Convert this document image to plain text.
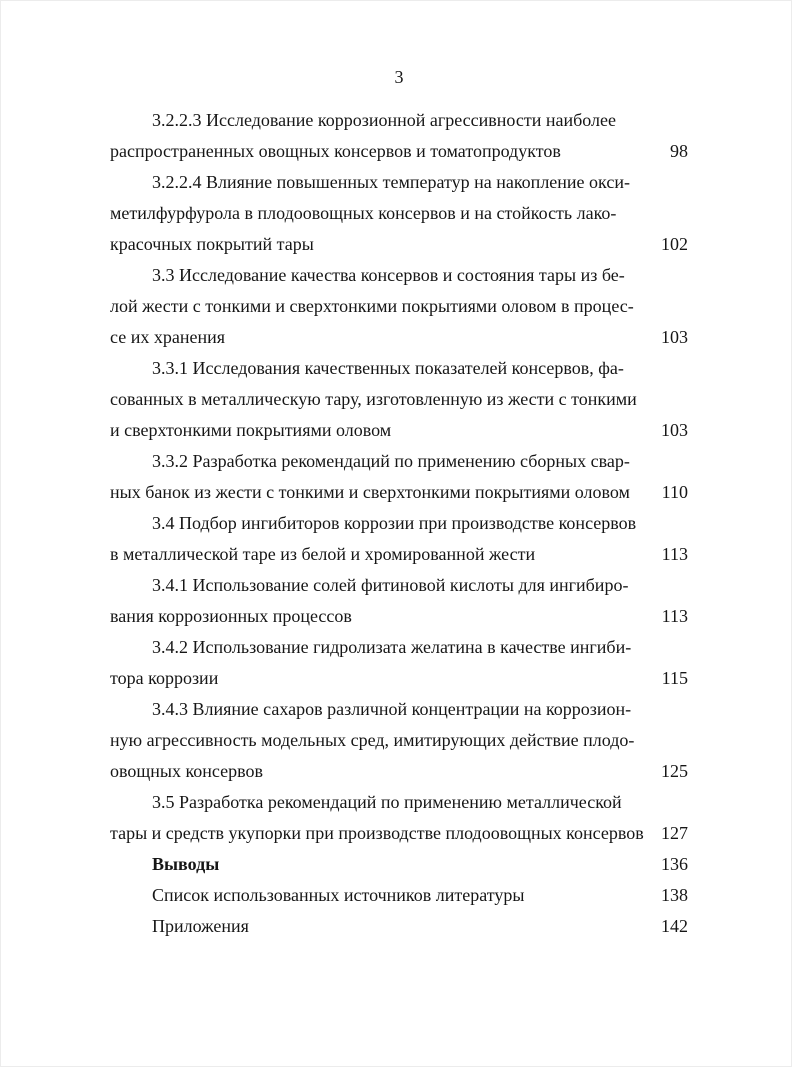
3
3.2.2.3 Исследование коррозионной агрессивности наиболее
распространенных овощных консервов и томатопродуктов	98
3.2.2.4 Влияние повышенных температур на накопление окси-
метилфурфурола в плодоовощных консервов и на стойкость лако-
красочных покрытий тары	102
3.3 Исследование качества консервов и состояния тары из бе-
лой жести с тонкими и сверхтонкими покрытиями оловом в процес-
се их хранения	103
3.3.1 Исследования качественных показателей консервов, фа-
сованных в металлическую тару, изготовленную из жести с тонкими
и сверхтонкими покрытиями оловом	103
3.3.2 Разработка рекомендаций по применению сборных свар-
ных банок из жести с тонкими и сверхтонкими покрытиями оловом	110
3.4 Подбор ингибиторов коррозии при производстве консервов
в металлической таре из белой и хромированной жести	113
3.4.1 Использование солей фитиновой кислоты для ингибиро-
вания коррозионных процессов	113
3.4.2 Использование гидролизата желатина в качестве ингиби-
тора коррозии	115
3.4.3 Влияние сахаров различной концентрации на коррозион-
ную агрессивность модельных сред, имитирующих действие плодо-
овощных консервов	125
3.5 Разработка рекомендаций по применению металлической
тары и средств укупорки при производстве плодоовощных консервов 127
Выводы	136
Список использованных источников литературы	138
Приложения	142
